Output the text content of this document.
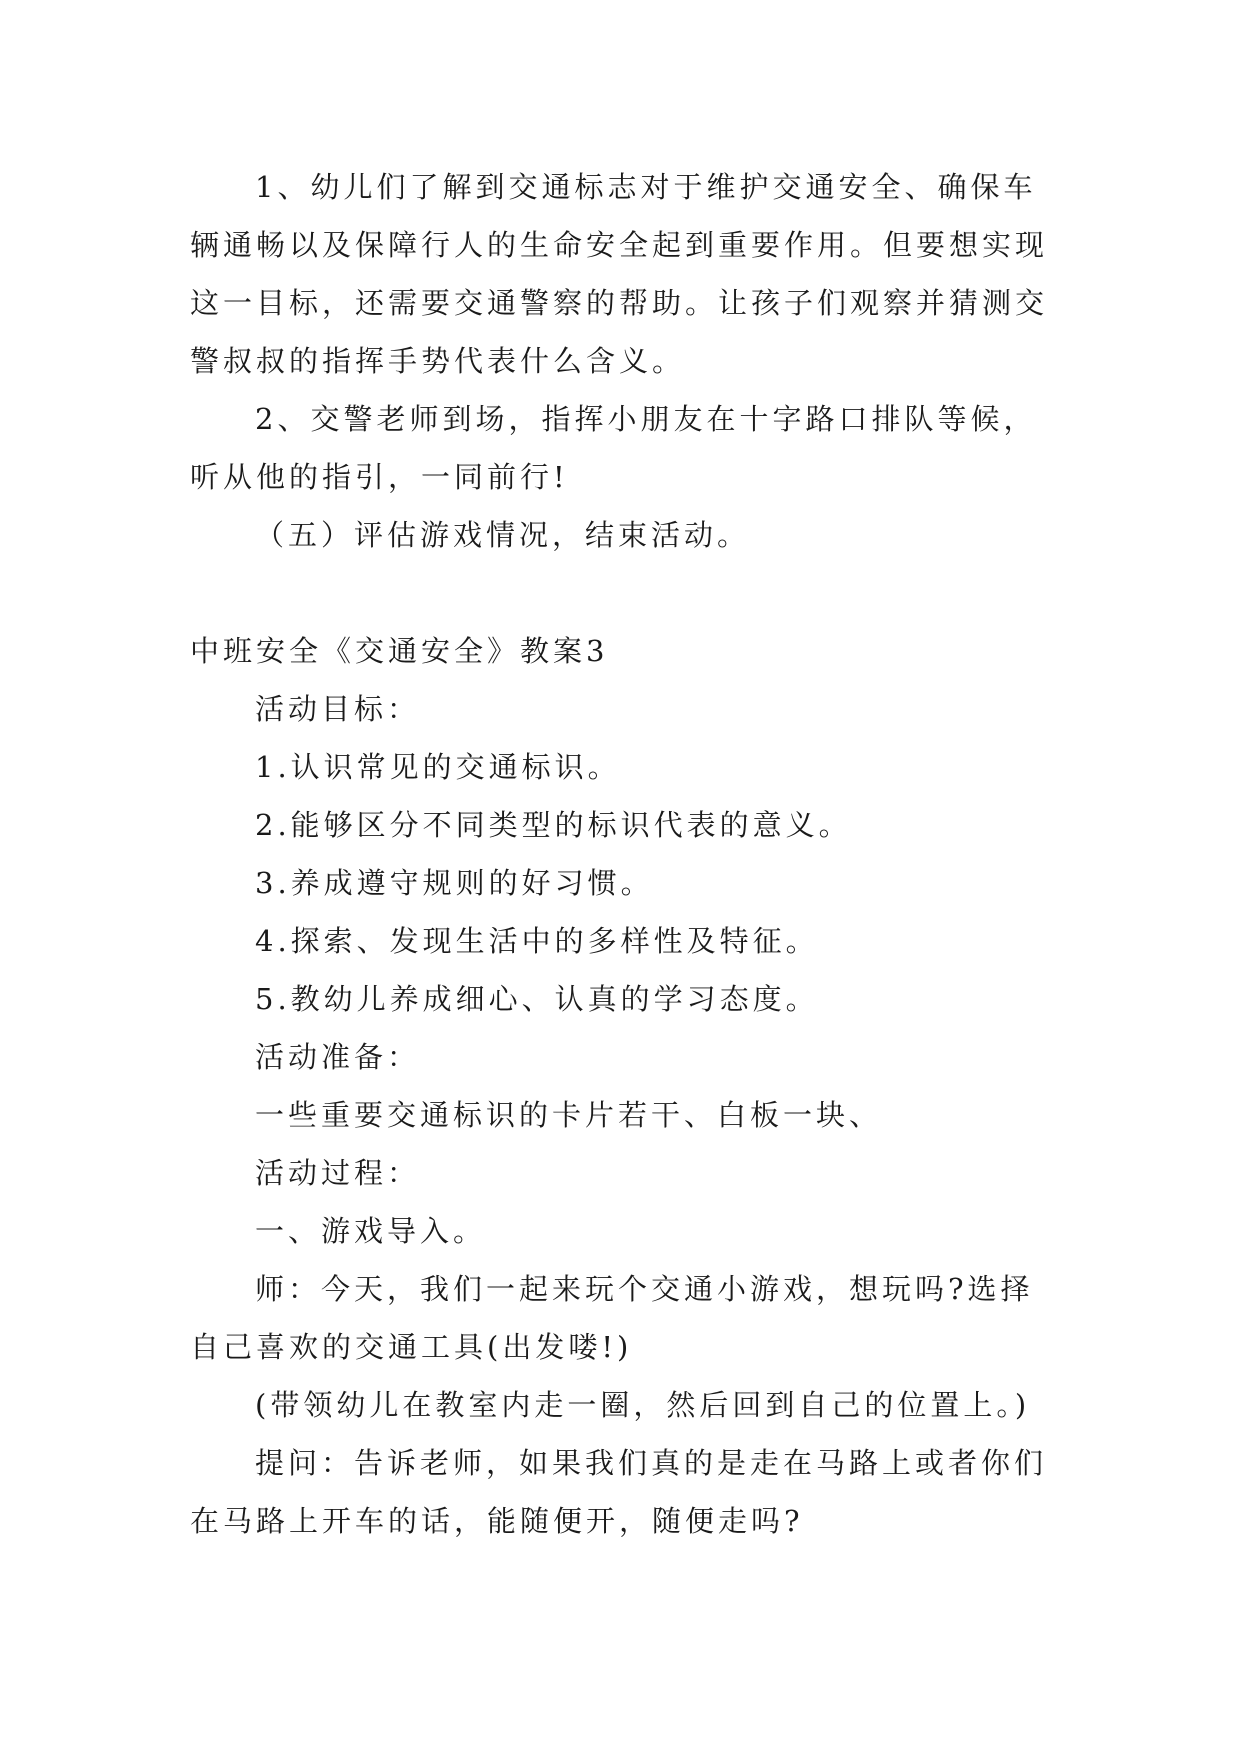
1、幼儿们了解到交通标志对于维护交通安全、确保车
辆通畅以及保障行人的生命安全起到重要作用。但要想实现
这一目标，还需要交通警察的帮助。让孩子们观察并猜测交
警叔叔的指挥手势代表什么含义。
2、交警老师到场，指挥小朋友在十字路口排队等候，
听从他的指引，一同前行!
（五）评估游戏情况，结束活动。
中班安全《交通安全》教案3
活动目标：
1.认识常见的交通标识。
2.能够区分不同类型的标识代表的意义。
3.养成遵守规则的好习惯。
4.探索、发现生活中的多样性及特征。
5.教幼儿养成细心、认真的学习态度。
活动准备：
一些重要交通标识的卡片若干、白板一块、
活动过程：
一、游戏导入。
师：今天，我们一起来玩个交通小游戏，想玩吗?选择
自己喜欢的交通工具(出发喽!)
(带领幼儿在教室内走一圈，然后回到自己的位置上。)
提问：告诉老师，如果我们真的是走在马路上或者你们
在马路上开车的话，能随便开，随便走吗?
